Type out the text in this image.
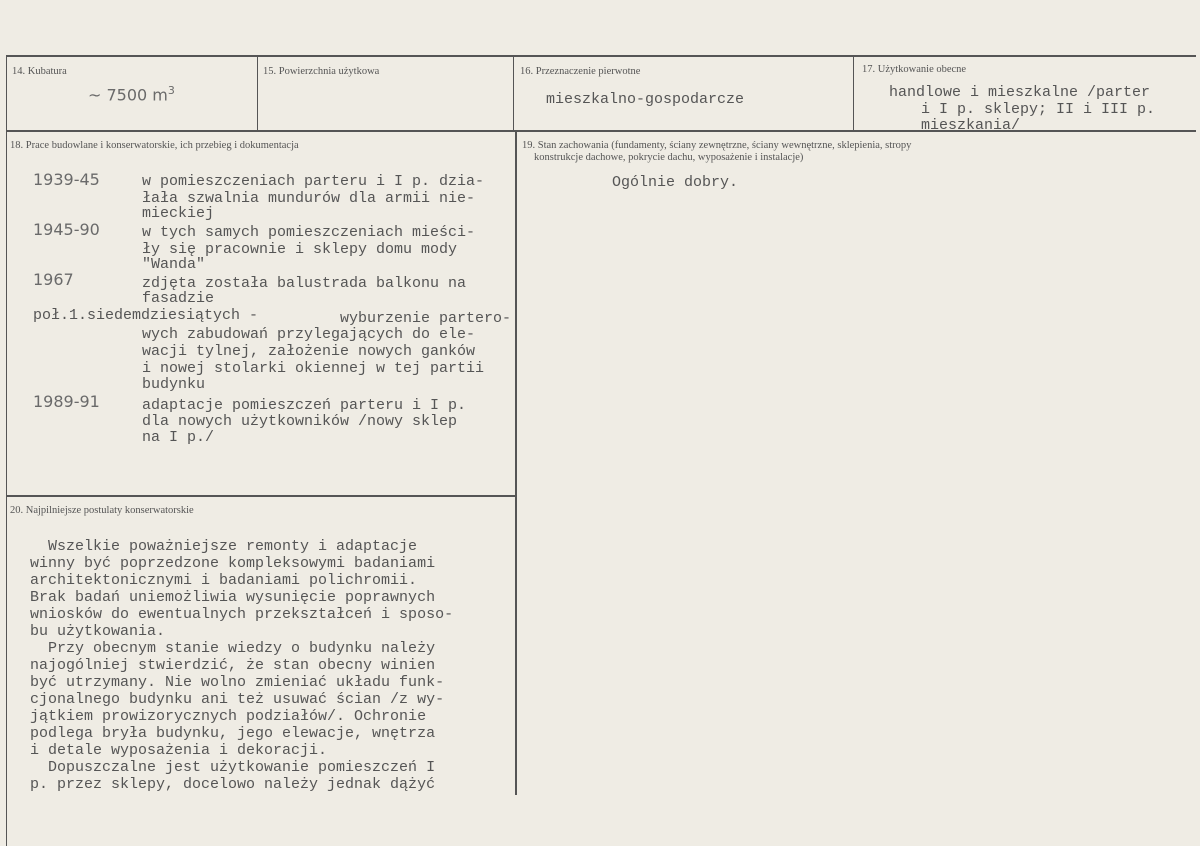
14. Kubatura
~ 7500 $m^3$
15. Powierzchnia użytkowa	16. Przeznaczenie pierwotne
mieszkalno-gospodarcze
17. Użytkowanie obecne
handlowe i mieszkalne /parter
i I p. sklepy; II i III p.
mieszkania/
18. Prace budowlane i konserwatorskie, ich przebieg i dokumentacja
1939-45	w pomieszczeniach parteru i I p. dzia-
łała szwalnia mundurów dla armii nie-
mieckiej
1945-90	w tych samych pomieszczeniach mieści-
ły się pracownie i sklepy domu mody
"Wanda"
1967	zdjęta została balustrada balkonu na
fasadzie
poł.1.siedemdziesiątych -	wyburzenie partero-
wych zabudowań przylegających do ele-
wacji tylnej, założenie nowych ganków
i nowej stolarki okiennej w tej partii
budynku
1989-91	adaptacje pomieszczeń parteru i I p.
dla nowych użytkowników /nowy sklep
na I p./
19. Stan zachowania (fundamenty, ściany zewnętrzne, ściany wewnętrzne, sklepienia, stropy
konstrukcje dachowe, pokrycie dachu, wyposażenie i instalacje)
Ogólnie dobry.
20. Najpilniejsze postulaty konserwatorskie
Wszelkie poważniejsze remonty i adaptacje
winny być poprzedzone kompleksowymi badaniami
architektonicznymi i badaniami polichromii.
Brak badań uniemożliwia wysunięcie poprawnych
wniosków do ewentualnych przekształceń i sposo-
bu użytkowania.
Przy obecnym stanie wiedzy o budynku należy
najogólniej stwierdzić, że stan obecny winien
być utrzymany. Nie wolno zmieniać układu funk-
cjonalnego budynku ani też usuwać ścian /z wy-
jątkiem prowizorycznych podziałów/. Ochronie
podlega bryła budynku, jego elewacje, wnętrza
i detale wyposażenia i dekoracji.
Dopuszczalne jest użytkowanie pomieszczeń I
p. przez sklepy, docelowo należy jednak dążyć
